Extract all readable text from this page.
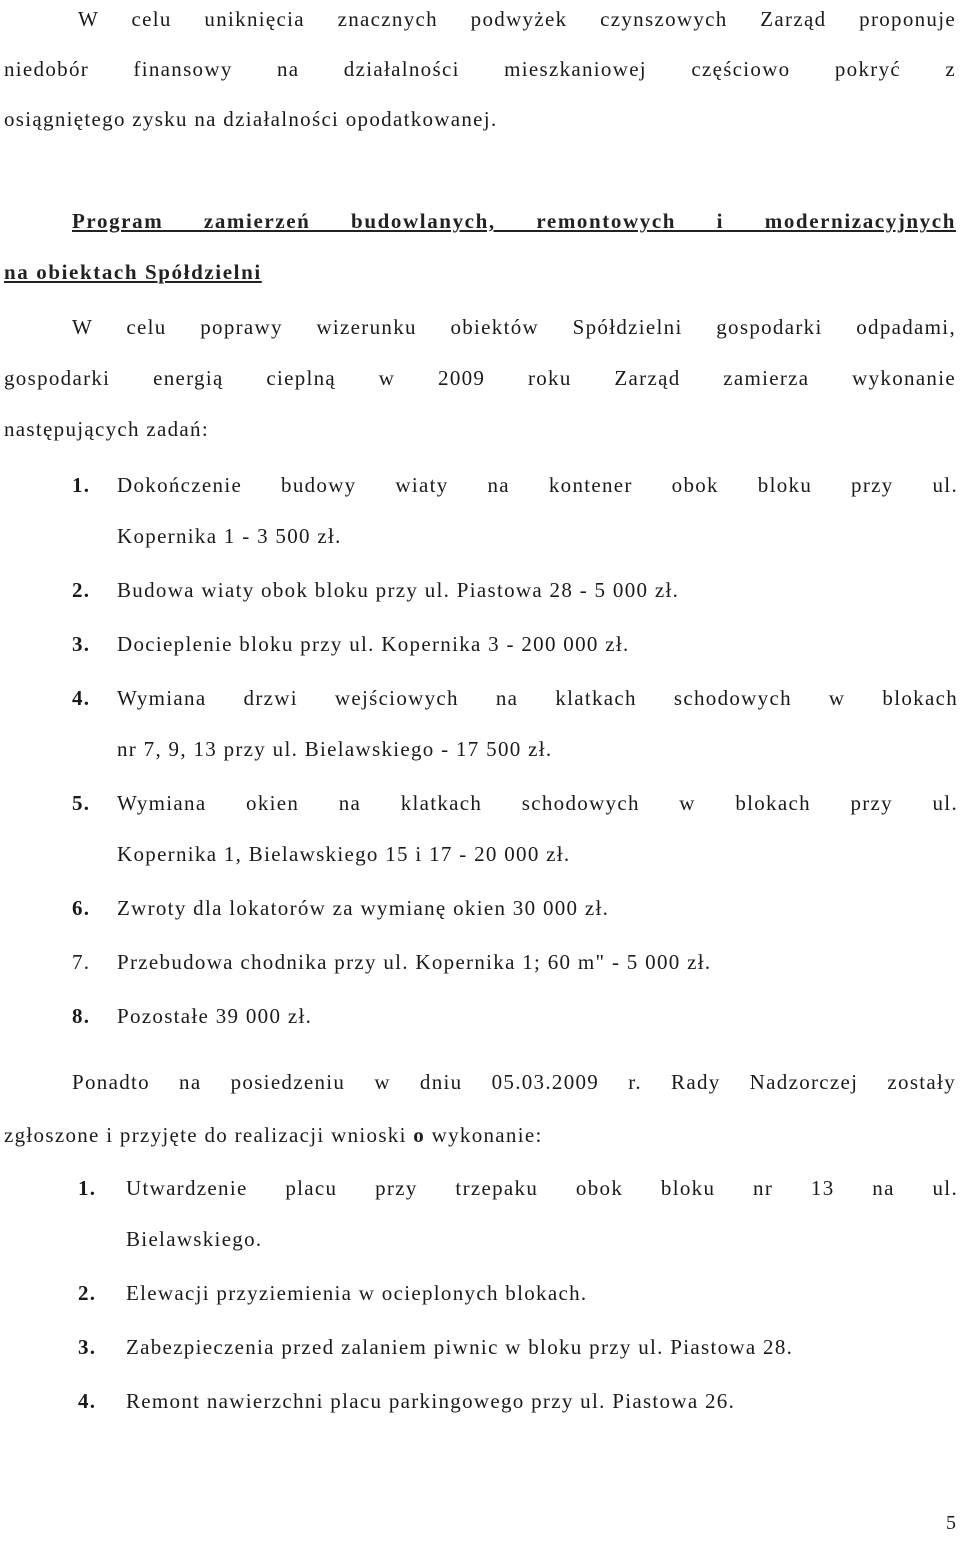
W celu uniknięcia znacznych podwyżek czynszowych Zarząd proponuje

niedobór finansowy na działalności mieszkaniowej częściowo pokryć z

osiągniętego zysku na działalności opodatkowanej.

Program zamierzeń budowlanych, remontowych i modernizacyjnych

na obiektach Spółdzielni

W celu poprawy wizerunku obiektów Spółdzielni gospodarki odpadami,

gospodarki energią cieplną w 2009 roku Zarząd zamierza wykonanie

następujących zadań:

1. Dokończenie budowy wiaty na kontener obok bloku przy ul.
Kopernika 1 - 3 500 zł.
2. Budowa wiaty obok bloku przy ul. Piastowa 28 - 5 000 zł.
3. Docieplenie bloku przy ul. Kopernika 3 - 200 000 zł.
4. Wymiana drzwi wejściowych na klatkach schodowych w blokach
nr 7, 9, 13 przy ul. Bielawskiego - 17 500 zł.
5. Wymiana okien na klatkach schodowych w blokach przy ul.
Kopernika 1, Bielawskiego 15 i 17 - 20 000 zł.
6. Zwroty dla lokatorów za wymianę okien 30 000 zł.
7. Przebudowa chodnika przy ul. Kopernika 1; 60 m" - 5 000 zł.
8. Pozostałe 39 000 zł.

Ponadto na posiedzeniu w dniu 05.03.2009 r. Rady Nadzorczej zostały

zgłoszone i przyjęte do realizacji wnioski o wykonanie:

1. Utwardzenie placu przy trzepaku obok bloku nr 13 na ul.
Bielawskiego.
2. Elewacji przyziemienia w ocieplonych blokach.
3. Zabezpieczenia przed zalaniem piwnic w bloku przy ul. Piastowa 28.
4. Remont nawierzchni placu parkingowego przy ul. Piastowa 26.
5
